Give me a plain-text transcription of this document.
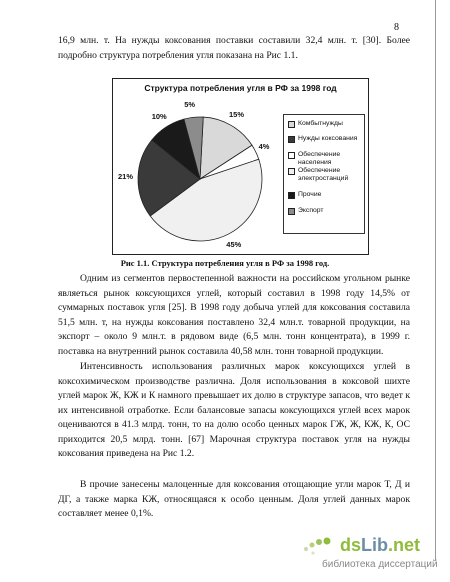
8

16,9 млн. т. На нужды коксования поставки составили 32,4 млн. т. [30]. Более подробно структура потребления угля показана на Рис 1.1.

Структура потребления угля в РФ за 1998 год
15%
4%
45%
21%
10%
5%
Комбытнужды
Нужды коксования
Обеспечение населения
Обеспечение электростанций
Прочие
Экспорт
Рис 1.1. Структура потребления угля в РФ за 1998 год.

Одним из сегментов первостепенной важности на российском угольном рынке являеться рынок коксующихся углей, который составил в 1998 году 14,5% от суммарных поставок угля [25]. В 1998 году добыча углей для коксования составила 51,5 млн. т, на нужды коксования поставлено 32,4 млн.т. товарной продукции, на экспорт – около 9 млн.т. в рядовом виде (6,5 млн. тонн концентрата), в 1999 г. поставка на внутренний рынок составила 40,58 млн. тонн товарной продукции.

Интенсивность использования различных марок коксующихся углей в коксохимическом производстве различна. Доля использования в коксовой шихте углей марок Ж, КЖ и К намного превышает их долю в структуре запасов, что ведет к их интенсивной отработке. Если балансовые запасы коксующихся углей всех марок оцениваются в 41.3 млрд. тонн, то на долю особо ценных марок ГЖ, Ж, КЖ, К, ОС приходится 20,5 млрд. тонн. [67] Марочная структура поставок угля на нужды коксования приведена на Рис 1.2.

В прочие занесены малоценные для коксования отощающие угли марок Т, Д и ДГ, а также марка КЖ, относящаяся к особо ценным. Доля углей данных марок составляет менее 0,1%.

dsLib.net
библиотека диссертаций
